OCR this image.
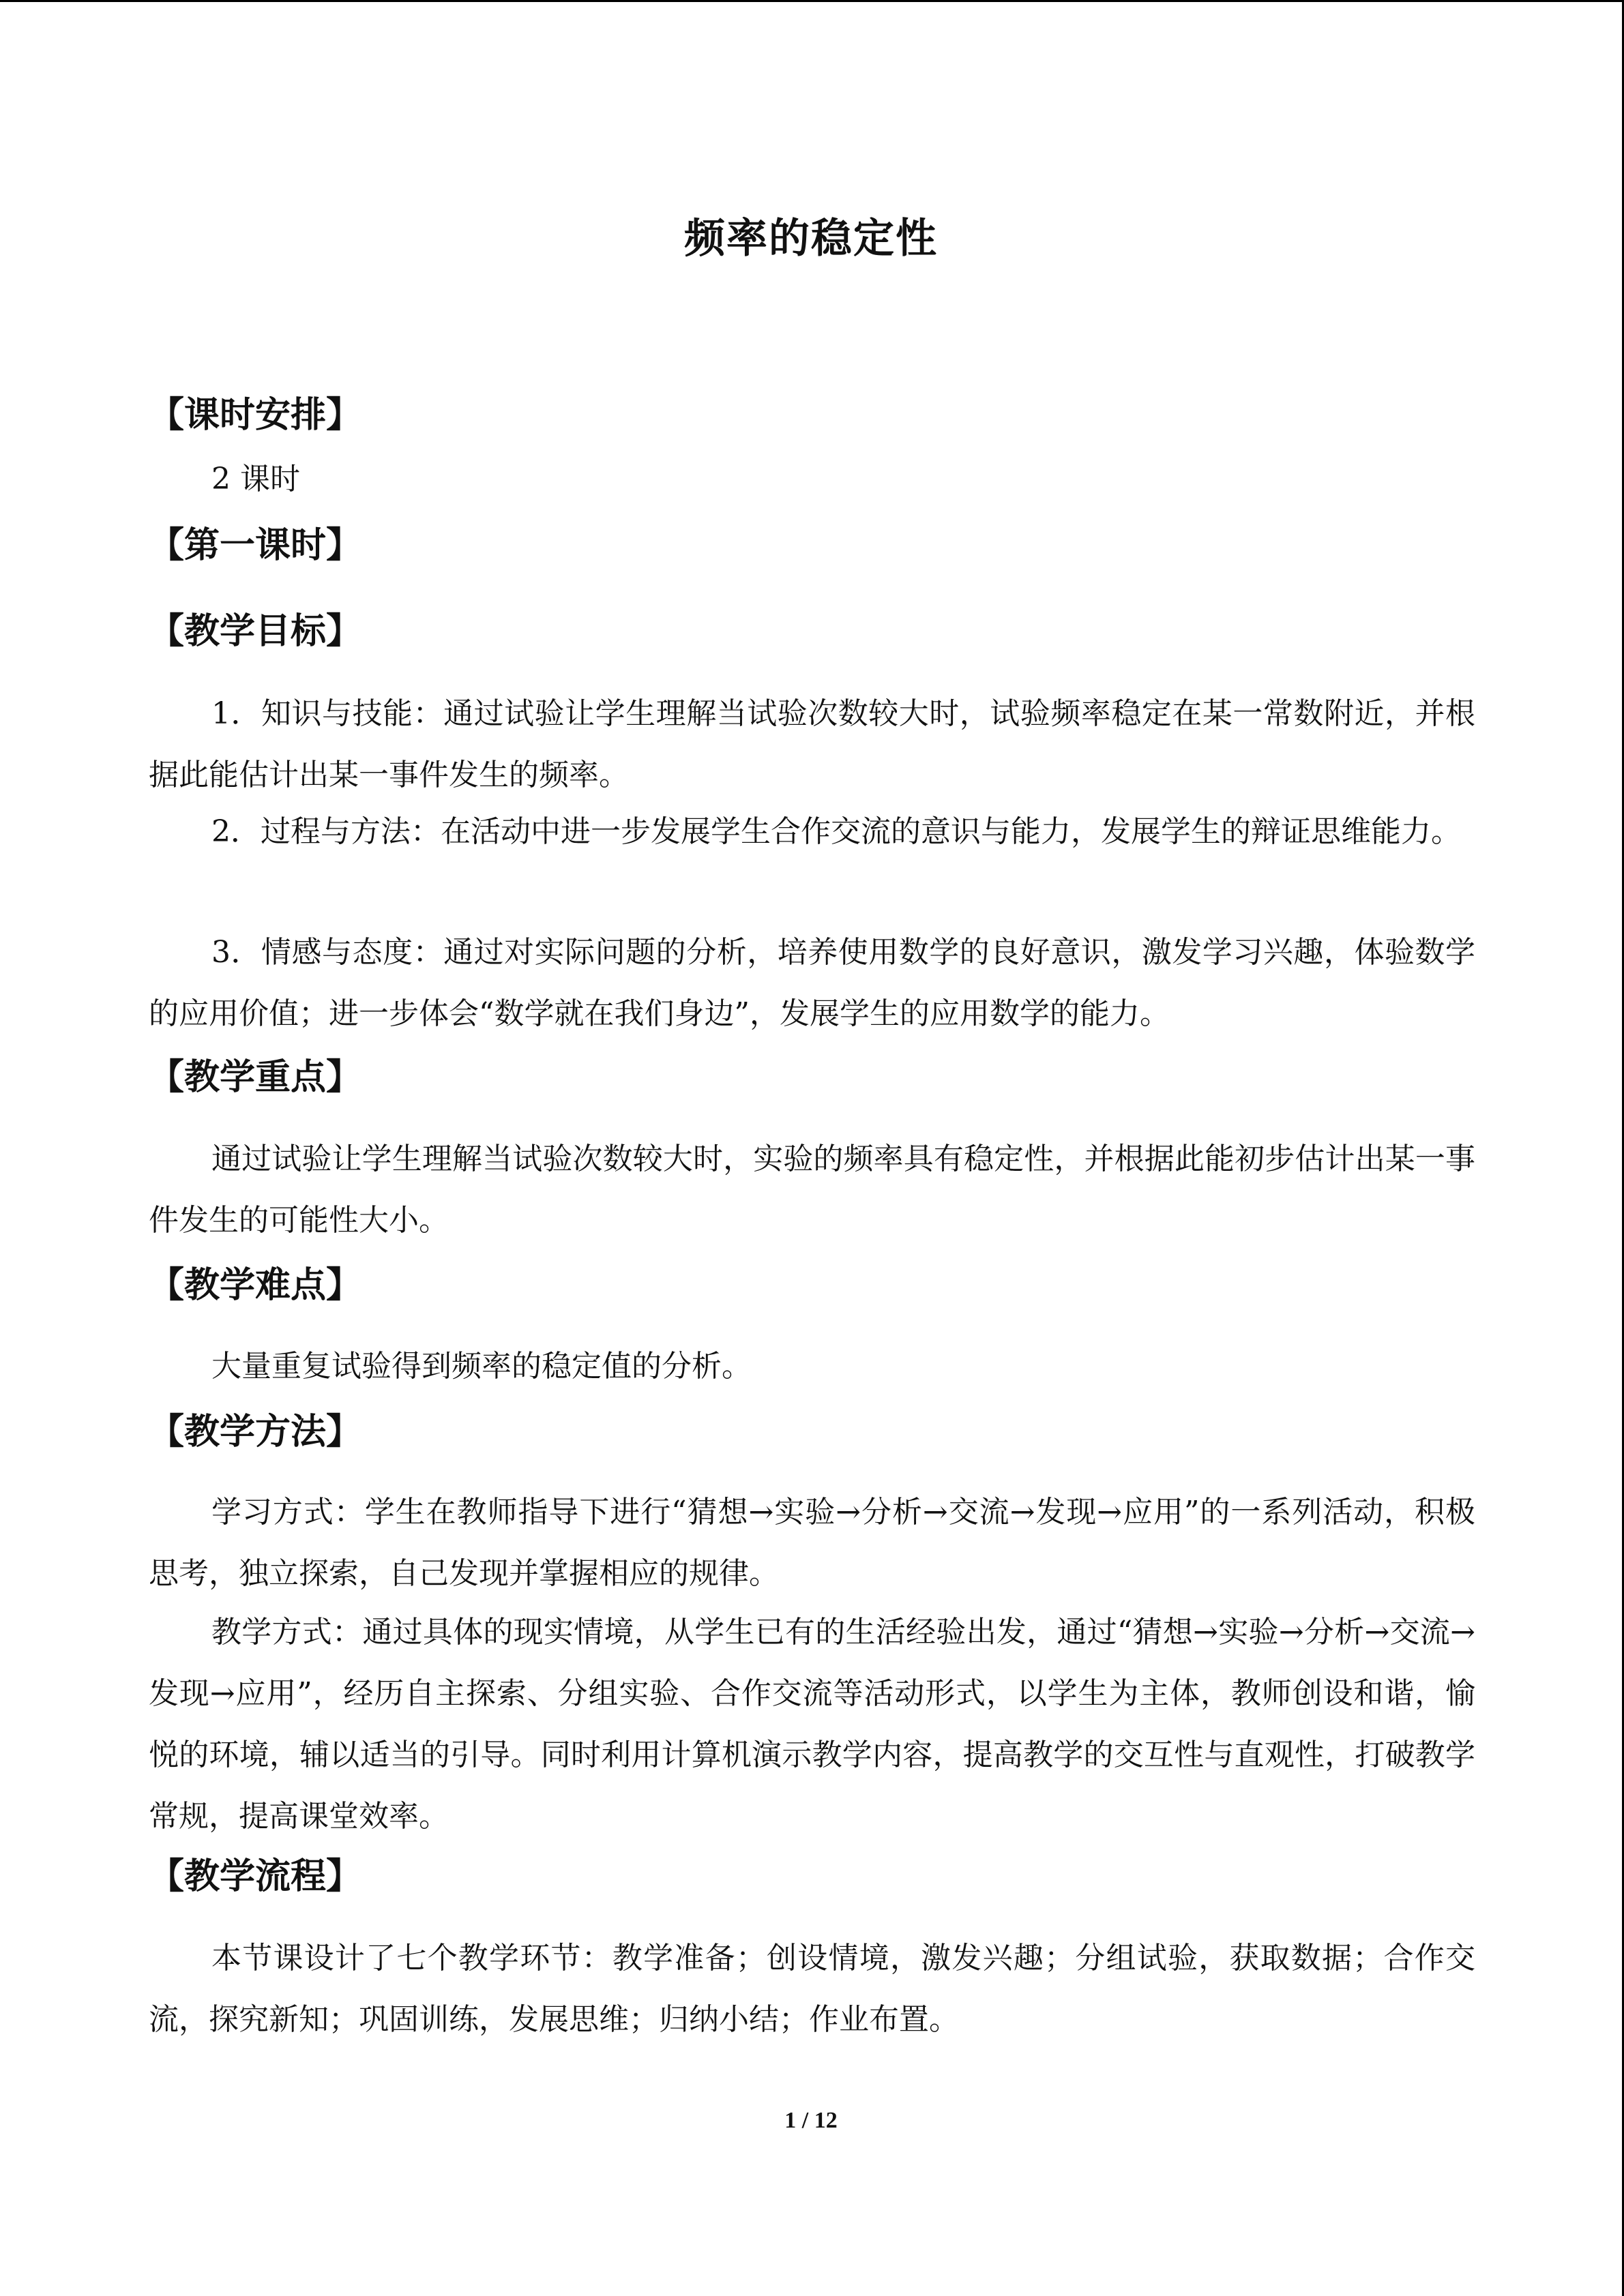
频率的稳定性
【课时安排】
2 课时
【第一课时】
【教学目标】

1．知识与技能：通过试验让学生理解当试验次数较大时，试验频率稳定在某一常数附近，并根据此能估计出某一事件发生的频率。

2．过程与方法：在活动中进一步发展学生合作交流的意识与能力，发展学生的辩证思维能力。

3．情感与态度：通过对实际问题的分析，培养使用数学的良好意识，激发学习兴趣，体验数学的应用价值；进一步体会“数学就在我们身边”，发展学生的应用数学的能力。

【教学重点】

通过试验让学生理解当试验次数较大时，实验的频率具有稳定性，并根据此能初步估计出某一事件发生的可能性大小。

【教学难点】

大量重复试验得到频率的稳定值的分析。

【教学方法】

学习方式：学生在教师指导下进行“猜想→实验→分析→交流→发现→应用”的一系列活动，积极思考，独立探索，自己发现并掌握相应的规律。

教学方式：通过具体的现实情境，从学生已有的生活经验出发，通过“猜想→实验→分析→交流→发现→应用”，经历自主探索、分组实验、合作交流等活动形式，以学生为主体，教师创设和谐，愉悦的环境，辅以适当的引导。同时利用计算机演示教学内容，提高教学的交互性与直观性，打破教学常规，提高课堂效率。

【教学流程】

本节课设计了七个教学环节：教学准备；创设情境，激发兴趣；分组试验，获取数据；合作交流，探究新知；巩固训练，发展思维；归纳小结；作业布置。

1 / 12
